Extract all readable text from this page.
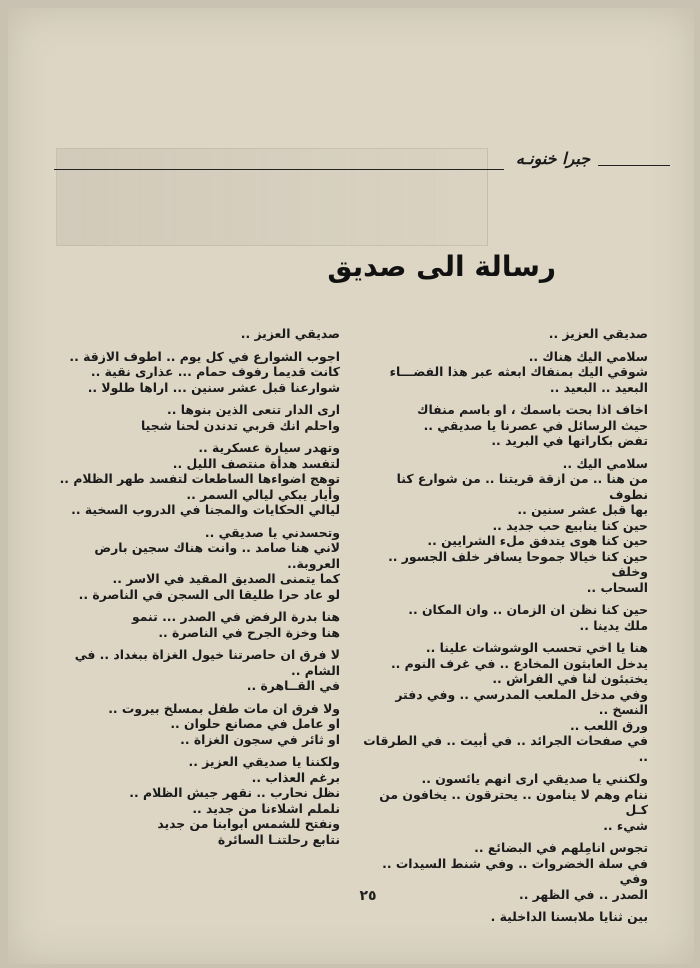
جبرا خنونـه
رسالة الى صديق

صديقي العزيز ..

سلامي اليك هناك ..
شوقي اليك بمنفاك ابعثه عبر هذا الفضـــاء
البعيد .. البعيد ..

اخاف اذا بحت باسمك ، او باسم منفاك
حيث الرسائل في عصرنا يا صديقي ..
تفض بكاراتها في البريد ..

سلامي اليك ..
من هنا .. من ازقة قريتنا .. من شوارع كنا نطوف
بها قبل عشر سنين ..
حين كنا ينابيع حب جديد ..
حين كنا هوى يتدفق ملء الشرايين ..
حين كنا خيالا جموحا يسافر خلف الجسور .. وخلف
السحاب ..

حين كنا نظن ان الزمان .. وان المكان ..
ملك يدينا ..

هنا يا اخي تحسب الوشوشات علينا ..
يدخل العابثون المخادع .. في غرف النوم ..
يختبئون لنا في الفراش ..
وفي مدخل الملعب المدرسي .. وفي دفتر النسخ ..
ورق اللعب ..
في صفحات الجرائد .. في أبيت .. في الطرقات ..

ولكنني يا صديقي ارى انهم يائسون ..
ننام وهم لا ينامون .. يحترقون .. يخافون من كـل
شيء ..

تجوس انامِلهم في البضائع ..
في سلة الخضروات .. وفي شنط السيدات .. وفي
الصدر .. في الظهر ..

بين ثنايا ملابسنا الداخلية .

صديقي العزيز ..

اجوب الشوارع في كل يوم .. اطوف الازقة ..
كانت قديما رفوف حمام ... عذارى نقية ..
شوارعنا قبل عشر سنين ... اراها طلولا ..

ارى الدار تنعى الذين بنوها ..
واحلم انك قربي تدندن لحنا شجيا

وتهدر سيارة عسكرية ..
لتفسد هدأة منتصف الليل ..
توهج اضواءها الساطعات لتفسد طهر الظلام ..
وأيار يبكي ليالي السمر ..
ليالي الحكايات والمجنا في الدروب السخية ..

وتحسدني يا صديقي ..
لاني هنا صامد .. وانت هناك سجين بارض العروبة..
كما يتمنى الصديق المقيد في الاسر ..
لو عاد حرا طليقا الى السجن في الناصرة ..

هنا بدرة الرفض في الصدر ... تنمو
هنا وخزة الجرح في الناصرة ..

لا فرق ان حاصرتنا خيول الغزاة ببغداد .. في الشام ..
في القــاهرة ..

ولا فرق ان مات طفل بمسلخ بيروت ..
او عامل في مصانع حلوان ..
او ثائر في سجون الغزاة ..

ولكننا يا صديقي العزيز ..
برغم العذاب ..
نظل نحارب .. نقهر جيش الظلام ..
نلملم اشلاءنا من جديد ..
ونفتح للشمس ابوابنا من جديد
نتابع رحلتنـا السائرة

٢٥
